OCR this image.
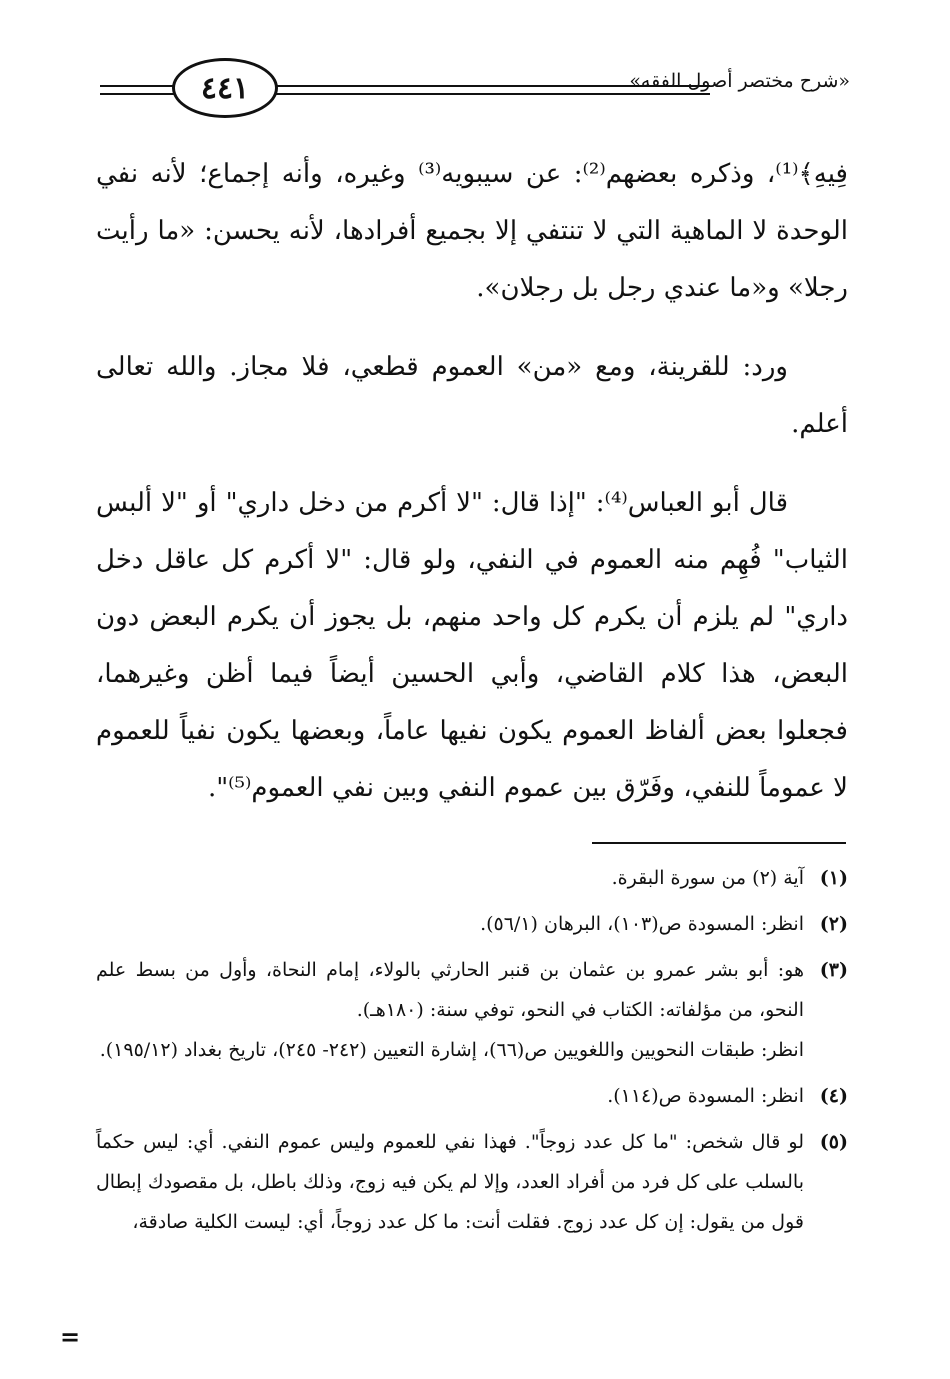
٤٤١	«شرح مختصر أصول الفقه»

فِيهِ﴾⁽¹⁾، وذكره بعضهم⁽²⁾: عن سيبويه⁽³⁾ وغيره، وأنه إجماع؛ لأنه نفي الوحدة لا الماهية التي لا تنتفي إلا بجميع أفرادها، لأنه يحسن: «ما رأيت رجلا» و«ما عندي رجل بل رجلان».

ورد: للقرينة، ومع «من» العموم قطعي، فلا مجاز. والله تعالى أعلم.

قال أبو العباس⁽⁴⁾: "إذا قال: "لا أكرم من دخل داري" أو "لا ألبس الثياب" فُهِم منه العموم في النفي، ولو قال: "لا أكرم كل عاقل دخل داري" لم يلزم أن يكرم كل واحد منهم، بل يجوز أن يكرم البعض دون البعض، هذا كلام القاضي، وأبي الحسين أيضاً فيما أظن وغيرهما، فجعلوا بعض ألفاظ العموم يكون نفيها عاماً، وبعضها يكون نفياً للعموم لا عموماً للنفي، وفَرّق بين عموم النفي وبين نفي العموم⁽⁵⁾".

(١)
آية (٢) من سورة البقرة.
(٢)
انظر: المسودة ص(١٠٣)، البرهان (٥٦/١).
(٣)
هو: أبو بشر عمرو بن عثمان بن قنبر الحارثي بالولاء، إمام النحاة، وأول من بسط علم النحو، من مؤلفاته: الكتاب في النحو، توفي سنة: (١٨٠هـ).
انظر: طبقات النحويين واللغويين ص(٦٦)، إشارة التعيين (٢٤٢- ٢٤٥)، تاريخ بغداد (١٩٥/١٢).
(٤)
انظر: المسودة ص(١١٤).
(٥)
لو قال شخص: "ما كل عدد زوجاً". فهذا نفي للعموم وليس عموم النفي. أي: ليس حكماً بالسلب على كل فرد من أفراد العدد، وإلا لم يكن فيه زوج، وذلك باطل، بل مقصودك إبطال قول من يقول: إن كل عدد زوج. فقلت أنت: ما كل عدد زوجاً، أي: ليست الكلية صادقة،
=
